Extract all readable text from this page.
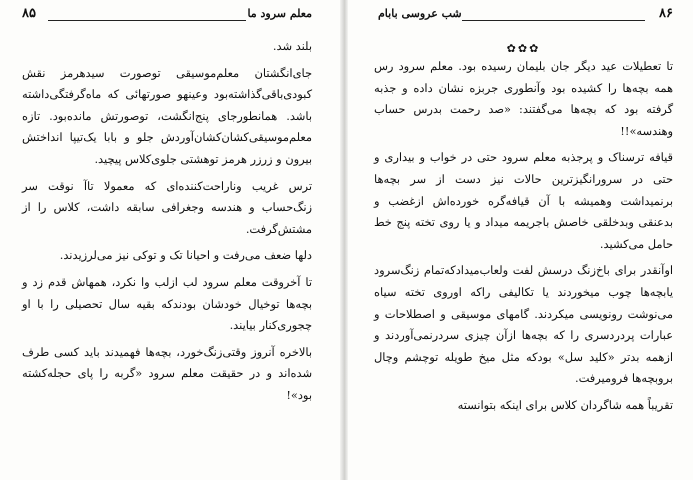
۸۵	معلم سرود ما

بلند شد.

جای‌انگشتان معلم‌موسیقی توصورت سیدهرمز نقش کبودی‌باقی‌گذاشته‌بود وعینهو صورتهائی که ماه‌گرفتگی‌داشته باشد. همانطورجای پنج‌انگشت، توصورتش مانده‌بود. تازه معلم‌موسیقی‌کشان‌کشان‌آوردش جلو و بابا‌ یک‌تیپا انداختش بیرون و زرزر هرمز توهشتی جلوی‌کلاس پیچید.

ترس غریب وناراحت‌کننده‌ای که معمولا تاآ نوقت سر زنگ‌حساب و هندسه وجغرافی سابقه داشت، کلاس را از مشتش‌گرفت.

دلها ضعف می‌رفت و احیانا تک و توکی نیز می‌لرزیدند.

تا آخروقت معلم سرود لب ازلب وا نکرد، همهاش قدم زد و بچه‌ها توخیال خودشان بودندکه بقیه سال تحصیلی را با او چجوری‌کنار بیایند.

بالاخره آنروز وقتی‌زنگ‌خورد، بچه‌ها فهمیدند باید کسی طرف شده‌اند و در حقیقت معلم سرود «گربه را پای حجله‌کشته بود»!

شب عروسی بابام	۸۶
✿✿✿

تا تعطیلات عید دیگر جان بلیمان رسیده بود. معلم سرود رس همه‌ بچه‌ها را کشیده بود وآنطوری جربزه نشان داده و جذبه گرفته بود که بچه‌ها می‌گفتند: «صد رحمت بدرس حساب وهندسه»!!

قیافه ترسناک و پرجذبه معلم سرود حتی در خواب و بیداری و حتی در سرورانگیزترین حالات نیز دست از سر بچه‌ها برنمیداشت وهمیشه با آن قیافه‌گره خورده‌اش ازغضب و بدعنقی وبدخلقی خاصش باجریمه میداد و یا روی تخته پنج خط حامل می‌کشید.

اوآنقدر برای ‌باخ‌زنگ‌ درسش لفت ولعاب‌میدادکه‌تمام زنگ‌سرود یابچه‌ها چوب میخوردند یا تکالیفی راکه اوروی تخته سیاه می‌نوشت رونویسی میکردند. گامهای موسیقی و اصطلاحات و عبارات پردردسری را که بچه‌ها ازآن چیزی سردرنمی‌آوردند و ازهمه بدتر «کلید سل» بودکه مثل میخ طویله توچشم وچال بروبچه‌ها فرومیرفت.

تقریباً همه شاگردان کلاس برای اینکه بتوانسته
